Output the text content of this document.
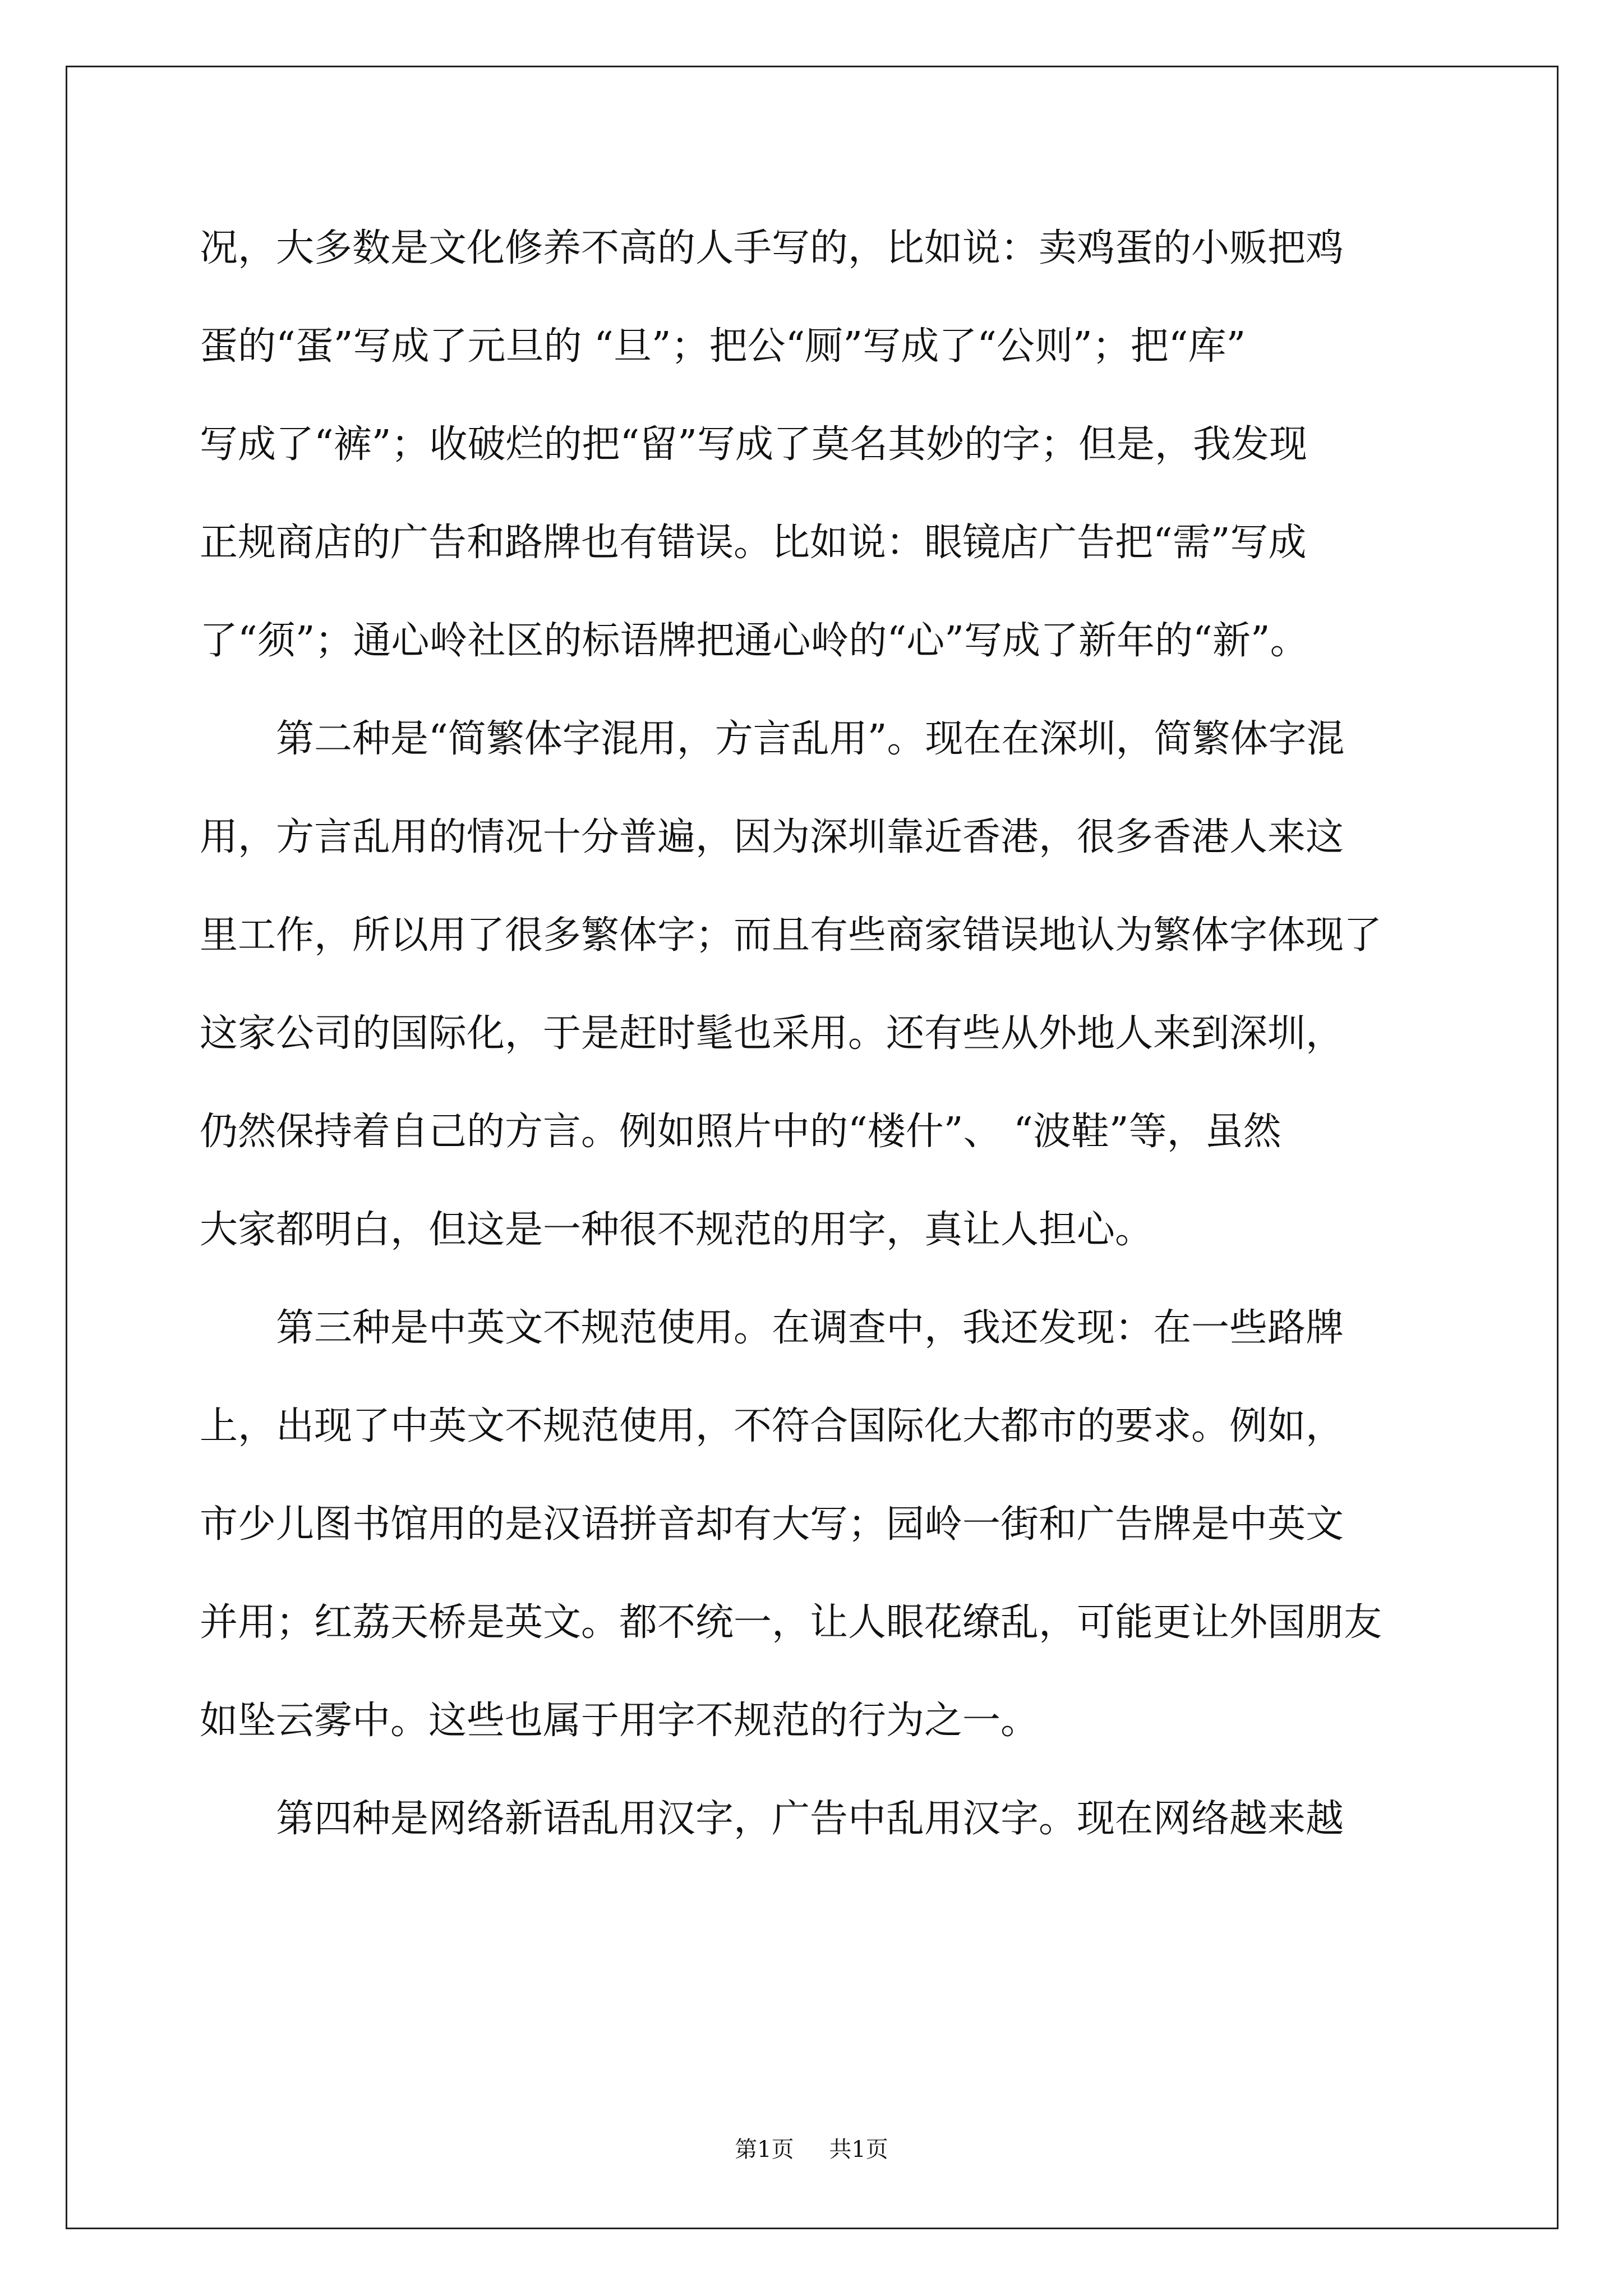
况，大多数是文化修养不高的人手写的，比如说：卖鸡蛋的小贩把鸡
蛋的“蛋”写成了元旦的 “旦”；把公“厕”写成了“公则”；把“库”
写成了“裤”；收破烂的把“留”写成了莫名其妙的字；但是，我发现
正规商店的广告和路牌也有错误。比如说：眼镜店广告把“需”写成
了“须”；通心岭社区的标语牌把通心岭的“心”写成了新年的“新”。
　　第二种是“简繁体字混用，方言乱用”。现在在深圳，简繁体字混
用，方言乱用的情况十分普遍，因为深圳靠近香港，很多香港人来这
里工作，所以用了很多繁体字；而且有些商家错误地认为繁体字体现了
这家公司的国际化，于是赶时髦也采用。还有些从外地人来到深圳，
仍然保持着自己的方言。例如照片中的“楼什”、 “波鞋”等，虽然
大家都明白，但这是一种很不规范的用字，真让人担心。
　　第三种是中英文不规范使用。在调查中，我还发现：在一些路牌
上，出现了中英文不规范使用，不符合国际化大都市的要求。例如，
市少儿图书馆用的是汉语拼音却有大写；园岭一街和广告牌是中英文
并用；红荔天桥是英文。都不统一，让人眼花缭乱，可能更让外国朋友
如坠云雾中。这些也属于用字不规范的行为之一。
　　第四种是网络新语乱用汉字，广告中乱用汉字。现在网络越来越
第1页 共1页
